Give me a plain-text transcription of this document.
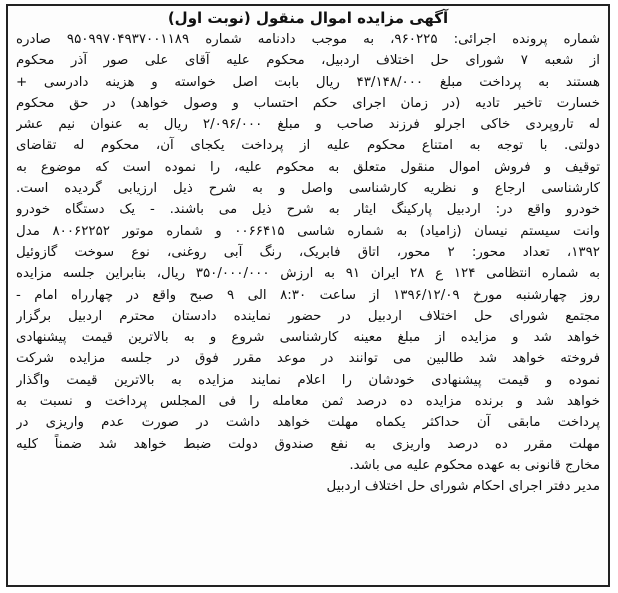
آگهی مزایده اموال منقول (نوبت اول)
شماره پرونده اجرائی: ۹۶۰۲۲۵، به موجب دادنامه شماره ۹۵۰۹۹۷۰۴۹۳۷۰۰۱۱۸۹ صادره
از شعبه ۷ شورای حل اختلاف اردبیل، محکوم علیه آقای علی صور آذر محکوم
هستند به پرداخت مبلغ ۴۳/۱۴۸/۰۰۰ ریال بابت اصل خواسته و هزینه دادرسی +
خسارت تاخیر تادیه (در زمان اجرای حکم احتساب و وصول خواهد) در حق محکوم
له تاروپردی خاکی اجرلو فرزند صاحب و مبلغ ۲/۰۹۶/۰۰۰ ریال به عنوان نیم عشر
دولتی. با توجه به امتناع محکوم علیه از پرداخت یکجای آن، محکوم له تقاضای
توقیف و فروش اموال منقول متعلق به محکوم علیه، را نموده است که موضوع به
کارشناسی ارجاع و نظریه کارشناسی واصل و به شرح ذیل ارزیابی گردیده است.
خودرو واقع در: اردبیل پارکینگ ایثار به شرح ذیل می باشند. - یک دستگاه خودرو
وانت سیستم نیسان (زامیاد) به شماره شاسی ۰۰۶۶۴۱۵ و شماره موتور ۸۰۰۶۲۲۵۲ مدل
۱۳۹۲، تعداد محور: ۲ محور، اتاق فابریک، رنگ آبی روغنی، نوع سوخت گازوئیل
به شماره انتظامی ۱۲۴ ع ۲۸ ایران ۹۱ به ارزش ۳۵۰/۰۰۰/۰۰۰ ریال، بنابراین جلسه مزایده
روز چهارشنبه مورخ ۱۳۹۶/۱۲/۰۹ از ساعت ۸:۳۰ الی ۹ صبح واقع در چهارراه امام -
مجتمع شورای حل اختلاف اردبیل در حضور نماینده دادستان محترم اردبیل برگزار
خواهد شد و مزایده از مبلغ معینه کارشناسی شروع و به بالاترین قیمت پیشنهادی
فروخته خواهد شد طالبین می توانند در موعد مقرر فوق در جلسه مزایده شرکت
نموده و قیمت پیشنهادی خودشان را اعلام نمایند مزایده به بالاترین قیمت واگذار
خواهد شد و برنده مزایده ده درصد ثمن معامله را فی المجلس پرداخت و نسبت به
پرداخت مابقی آن حداکثر یکماه مهلت خواهد داشت در صورت عدم واریزی در
مهلت مقرر ده درصد واریزی به نفع صندوق دولت ضبط خواهد شد ضمناً کلیه
مخارج قانونی به عهده محکوم علیه می باشد.
مدیر دفتر اجرای احکام شورای حل اختلاف اردبیل
